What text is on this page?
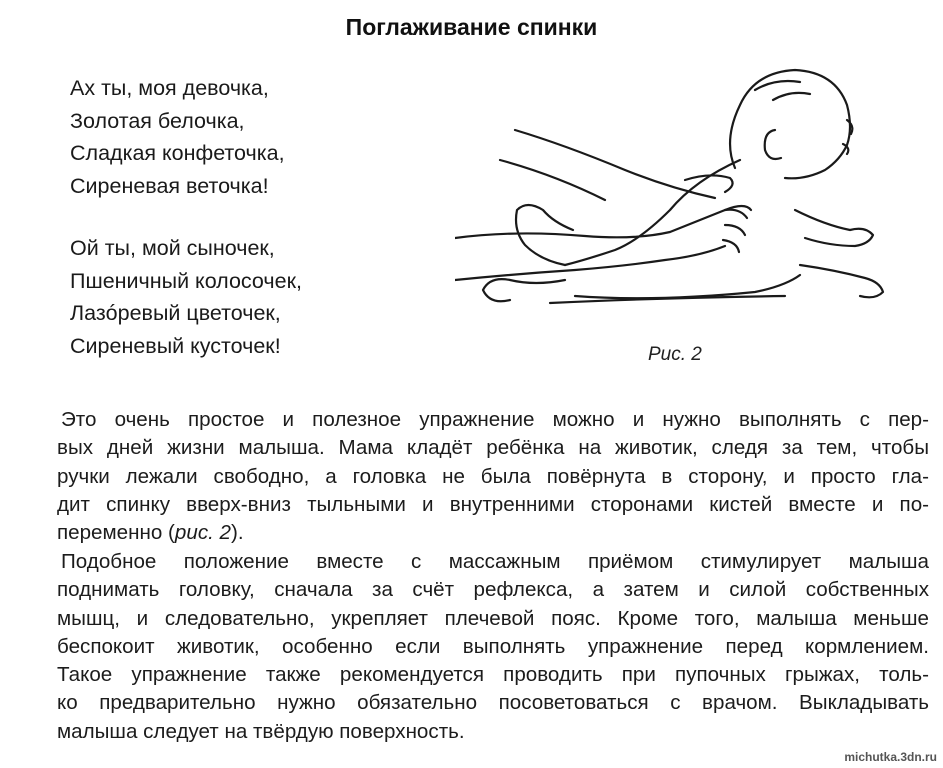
Поглаживание спинки
Ах ты, моя девочка,
Золотая белочка,
Сладкая конфеточка,
Сиреневая веточка!
Ой ты, мой сыночек,
Пшеничный колосочек,
Лазóревый цветочек,
Сиреневый кусточек!	Рис. 2
Это очень простое и полезное упражнение можно и нужно выполнять с пер-
вых дней жизни малыша. Мама кладёт ребёнка на животик, следя за тем, чтобы
ручки лежали свободно, а головка не была повёрнута в сторону, и просто гла-
дит спинку вверх-вниз тыльными и внутренними сторонами кистей вместе и по-
переменно (рис. 2).
Подобное положение вместе с массажным приёмом стимулирует малыша
поднимать головку, сначала за счёт рефлекса, а затем и силой собственных
мышц, и следовательно, укрепляет плечевой пояс. Кроме того, малыша меньше
беспокоит животик, особенно если выполнять упражнение перед кормлением.
Такое упражнение также рекомендуется проводить при пупочных грыжах, толь-
ко предварительно нужно обязательно посоветоваться с врачом. Выкладывать
малыша следует на твёрдую поверхность.
michutka.3dn.ru
